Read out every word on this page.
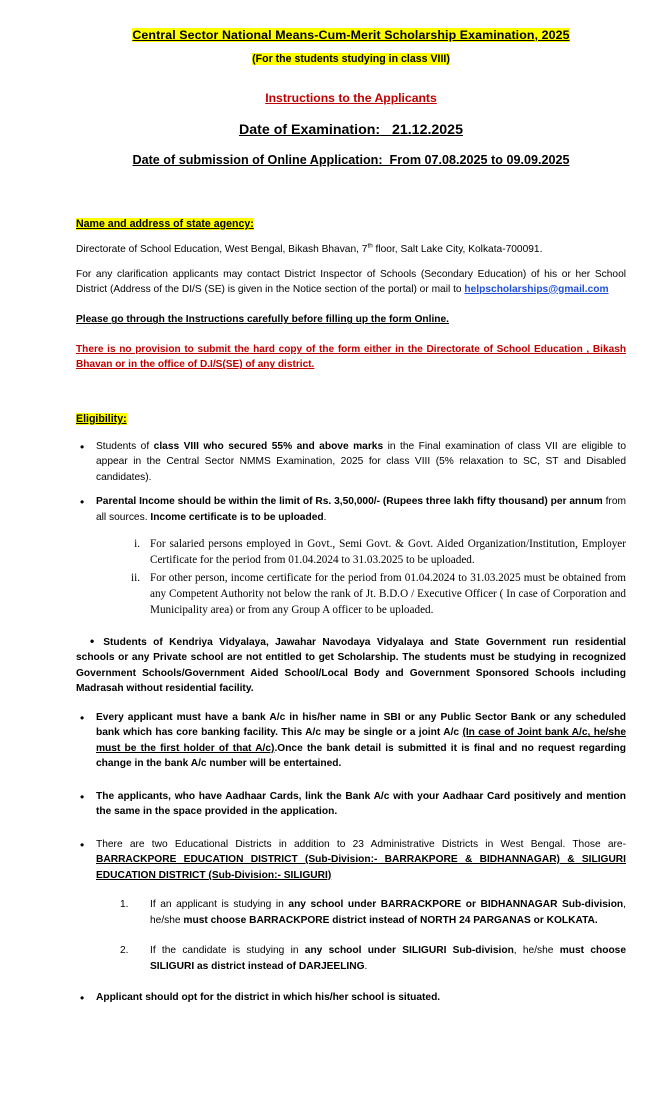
Central Sector National Means-Cum-Merit Scholarship Examination, 2025
(For the students studying in class VIII)
Instructions to the Applicants
Date of Examination: 21.12.2025
Date of submission of Online Application: From 07.08.2025 to 09.09.2025
Name and address of state agency:

Directorate of School Education, West Bengal, Bikash Bhavan, 7th floor, Salt Lake City, Kolkata-700091.

For any clarification applicants may contact District Inspector of Schools (Secondary Education) of his or her School District (Address of the DI/S (SE) is given in the Notice section of the portal) or mail to helpscholarships@gmail.com

Please go through the Instructions carefully before filling up the form Online.

There is no provision to submit the hard copy of the form either in the Directorate of School Education , Bikash Bhavan or in the office of D.I/S(SE) of any district.

Eligibility:

• Students of class VIII who secured 55% and above marks in the Final examination of class VII are eligible to appear in the Central Sector NMMS Examination, 2025 for class VIII (5% relaxation to SC, ST and Disabled candidates).

• Parental Income should be within the limit of Rs. 3,50,000/- (Rupees three lakh fifty thousand) per annum from all sources. Income certificate is to be uploaded.

i. For salaried persons employed in Govt., Semi Govt. & Govt. Aided Organization/Institution, Employer Certificate for the period from 01.04.2024 to 31.03.2025 to be uploaded.

ii. For other person, income certificate for the period from 01.04.2024 to 31.03.2025 must be obtained from any Competent Authority not below the rank of Jt. B.D.O / Executive Officer ( In case of Corporation and Municipality area) or from any Group A officer to be uploaded.

• Students of Kendriya Vidyalaya, Jawahar Navodaya Vidyalaya and State Government run residential schools or any Private school are not entitled to get Scholarship. The students must be studying in recognized Government Schools/Government Aided School/Local Body and Government Sponsored Schools including Madrasah without residential facility.

• Every applicant must have a bank A/c in his/her name in SBI or any Public Sector Bank or any scheduled bank which has core banking facility. This A/c may be single or a joint A/c (In case of Joint bank A/c, he/she must be the first holder of that A/c).Once the bank detail is submitted it is final and no request regarding change in the bank A/c number will be entertained.

• The applicants, who have Aadhaar Cards, link the Bank A/c with your Aadhaar Card positively and mention the same in the space provided in the application.

• There are two Educational Districts in addition to 23 Administrative Districts in West Bengal. Those are-BARRACKPORE EDUCATION DISTRICT (Sub-Division:- BARRAKPORE & BIDHANNAGAR) & SILIGURI EDUCATION DISTRICT (Sub-Division:- SILIGURI)

1.	If an applicant is studying in any school under BARRACKPORE or BIDHANNAGAR Sub-division, he/she must choose BARRACKPORE district instead of NORTH 24 PARGANAS or KOLKATA.

2.	If the candidate is studying in any school under SILIGURI Sub-division, he/she must choose SILIGURI as district instead of DARJEELING.

• Applicant should opt for the district in which his/her school is situated.
